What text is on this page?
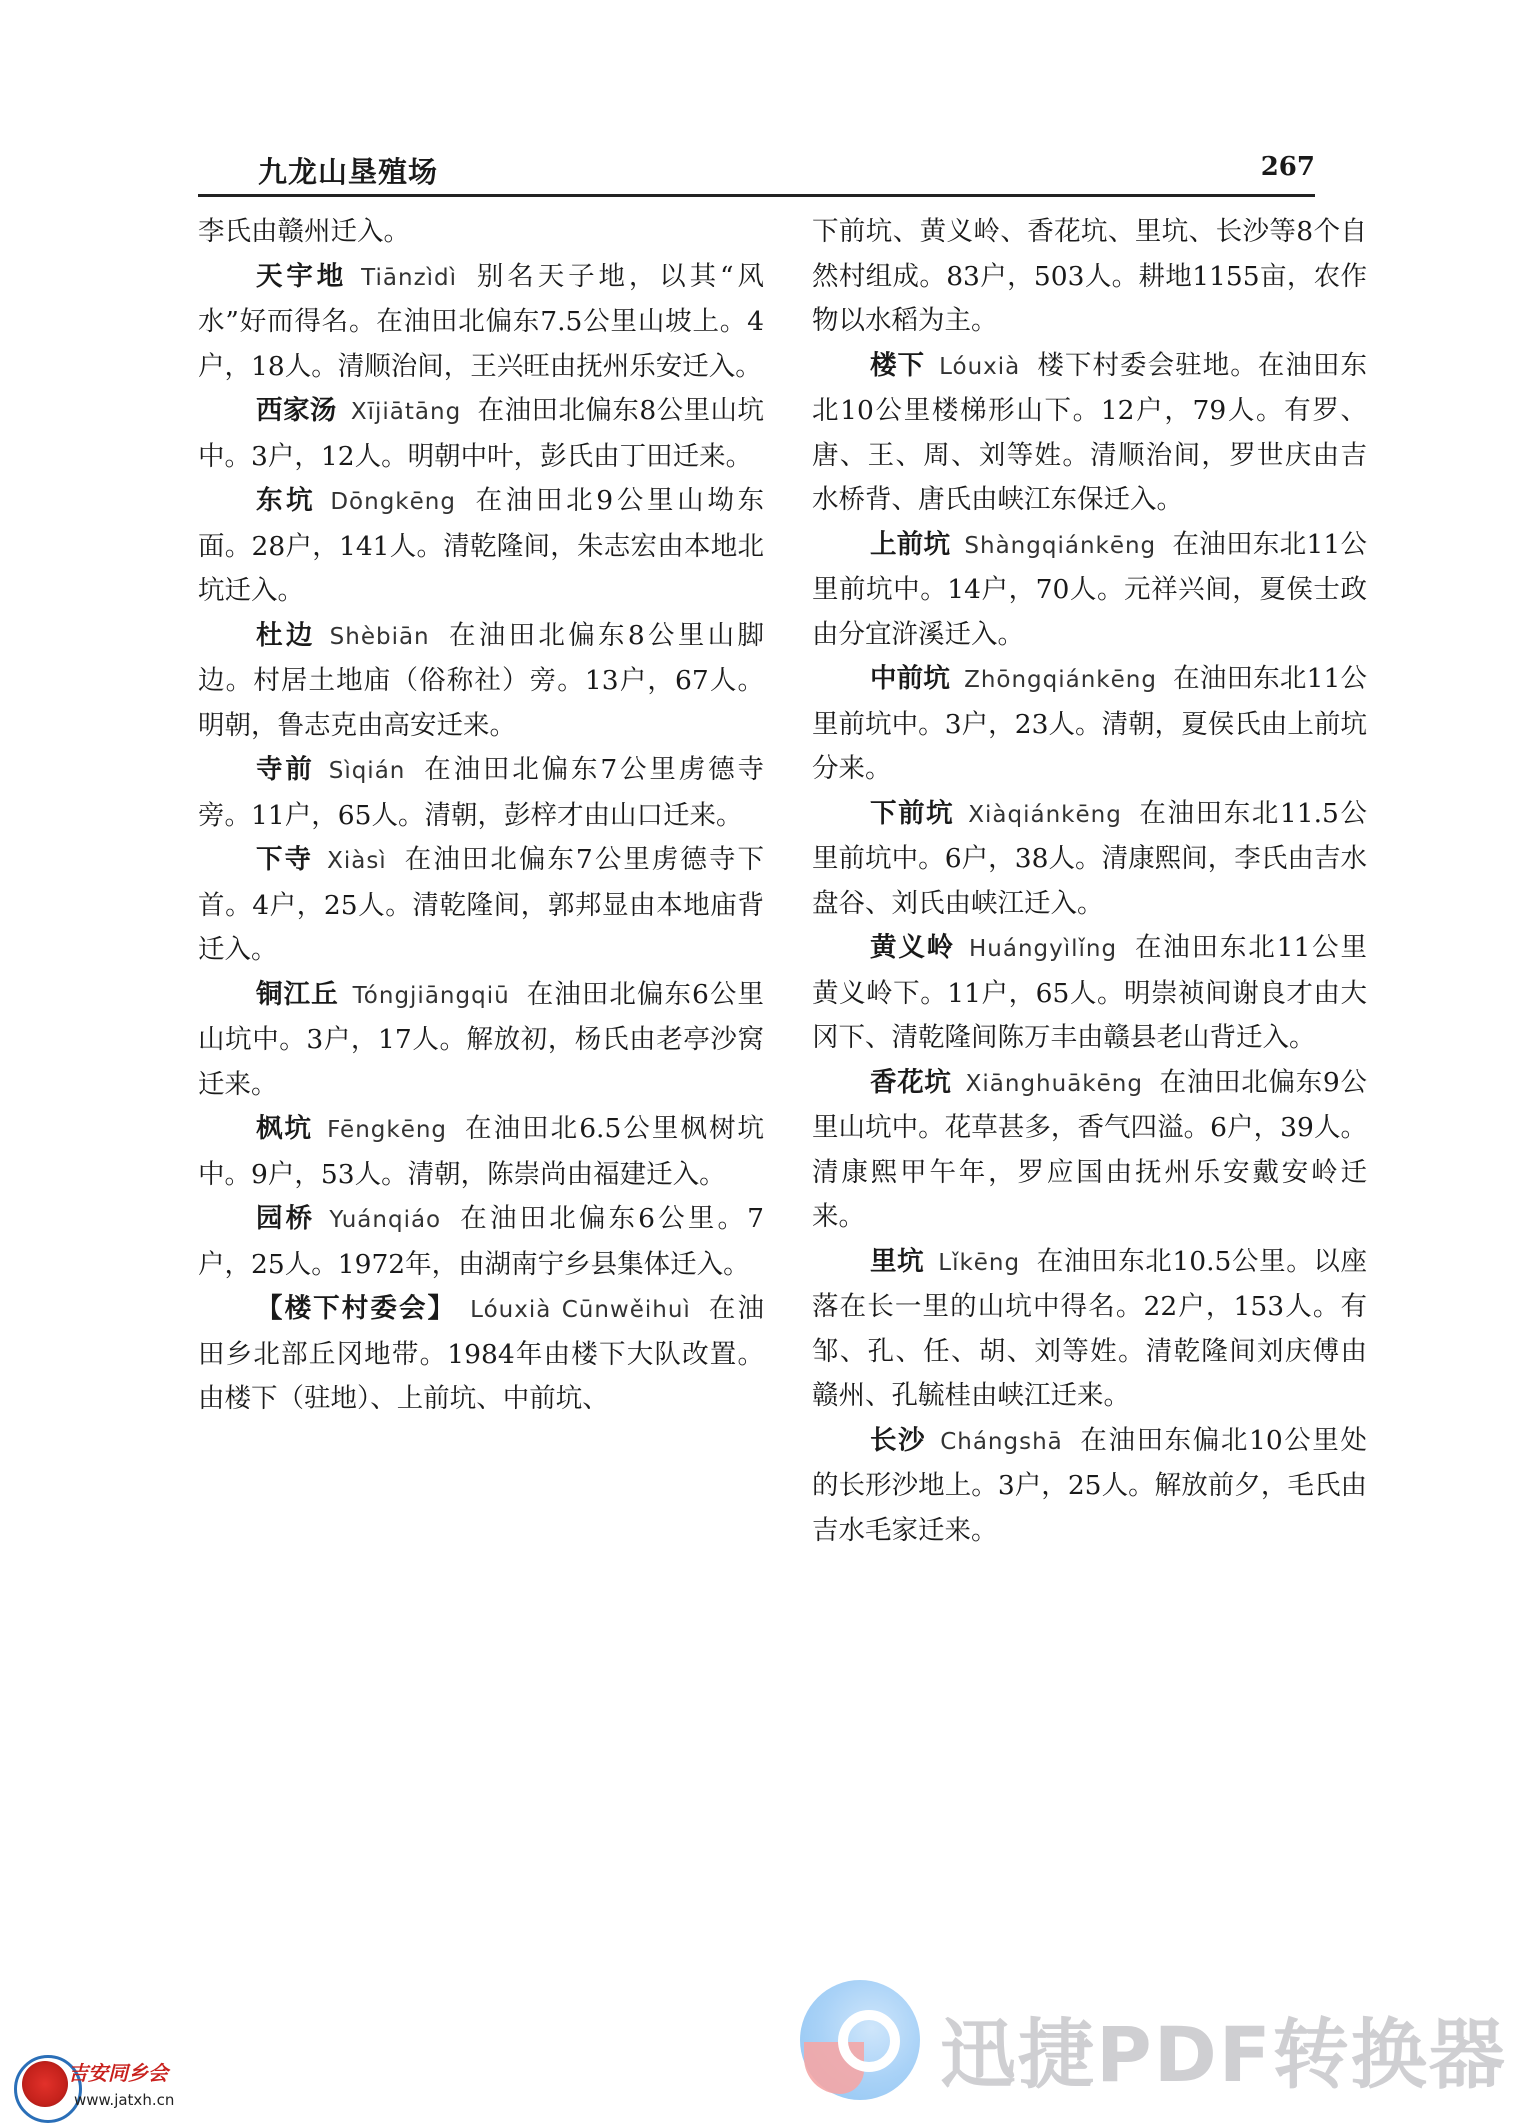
九龙山垦殖场	267

李氏由赣州迁入。

天宇地 Tiānzìdì 别名天子地，以其“风水”好而得名。在油田北偏东7.5公里山坡上。4户，18人。清顺治间，王兴旺由抚州乐安迁入。

西家汤 Xījiātāng 在油田北偏东8公里山坑中。3户，12人。明朝中叶，彭氏由丁田迁来。

东坑 Dōngkēng 在油田北9公里山坳东面。28户，141人。清乾隆间，朱志宏由本地北坑迁入。

杜边 Shèbiān 在油田北偏东8公里山脚边。村居土地庙（俗称社）旁。13户，67人。明朝，鲁志克由高安迁来。

寺前 Sìqián 在油田北偏东7公里虏德寺旁。11户，65人。清朝，彭梓才由山口迁来。

下寺 Xiàsì 在油田北偏东7公里虏德寺下首。4户，25人。清乾隆间，郭邦显由本地庙背迁入。

铜江丘 Tóngjiāngqiū 在油田北偏东6公里山坑中。3户，17人。解放初，杨氏由老亭沙窝迁来。

枫坑 Fēngkēng 在油田北6.5公里枫树坑中。9户，53人。清朝，陈崇尚由福建迁入。

园桥 Yuánqiáo 在油田北偏东6公里。7户，25人。1972年，由湖南宁乡县集体迁入。

【楼下村委会】 Lóuxià Cūnwěihuì 在油田乡北部丘冈地带。1984年由楼下大队改置。由楼下（驻地）、上前坑、中前坑、

下前坑、黄义岭、香花坑、里坑、长沙等8个自然村组成。83户，503人。耕地1155亩，农作物以水稻为主。

楼下 Lóuxià 楼下村委会驻地。在油田东北10公里楼梯形山下。12户，79人。有罗、唐、王、周、刘等姓。清顺治间，罗世庆由吉水桥背、唐氏由峡江东保迁入。

上前坑 Shàngqiánkēng 在油田东北11公里前坑中。14户，70人。元祥兴间，夏侯士政由分宜浒溪迁入。

中前坑 Zhōngqiánkēng 在油田东北11公里前坑中。3户，23人。清朝，夏侯氏由上前坑分来。

下前坑 Xiàqiánkēng 在油田东北11.5公里前坑中。6户，38人。清康熙间，李氏由吉水盘谷、刘氏由峡江迁入。

黄义岭 Huángyìlǐng 在油田东北11公里黄义岭下。11户，65人。明崇祯间谢良才由大冈下、清乾隆间陈万丰由赣县老山背迁入。

香花坑 Xiānghuākēng 在油田北偏东9公里山坑中。花草甚多，香气四溢。6户，39人。清康熙甲午年，罗应国由抚州乐安戴安岭迁来。

里坑 Lǐkēng 在油田东北10.5公里。以座落在长一里的山坑中得名。22户，153人。有邹、孔、任、胡、刘等姓。清乾隆间刘庆傅由赣州、孔毓桂由峡江迁来。

长沙 Chángshā 在油田东偏北10公里处的长形沙地上。3户，25人。解放前夕，毛氏由吉水毛家迁来。

迅捷PDF转换器
吉安同乡会
www.jatxh.cn
